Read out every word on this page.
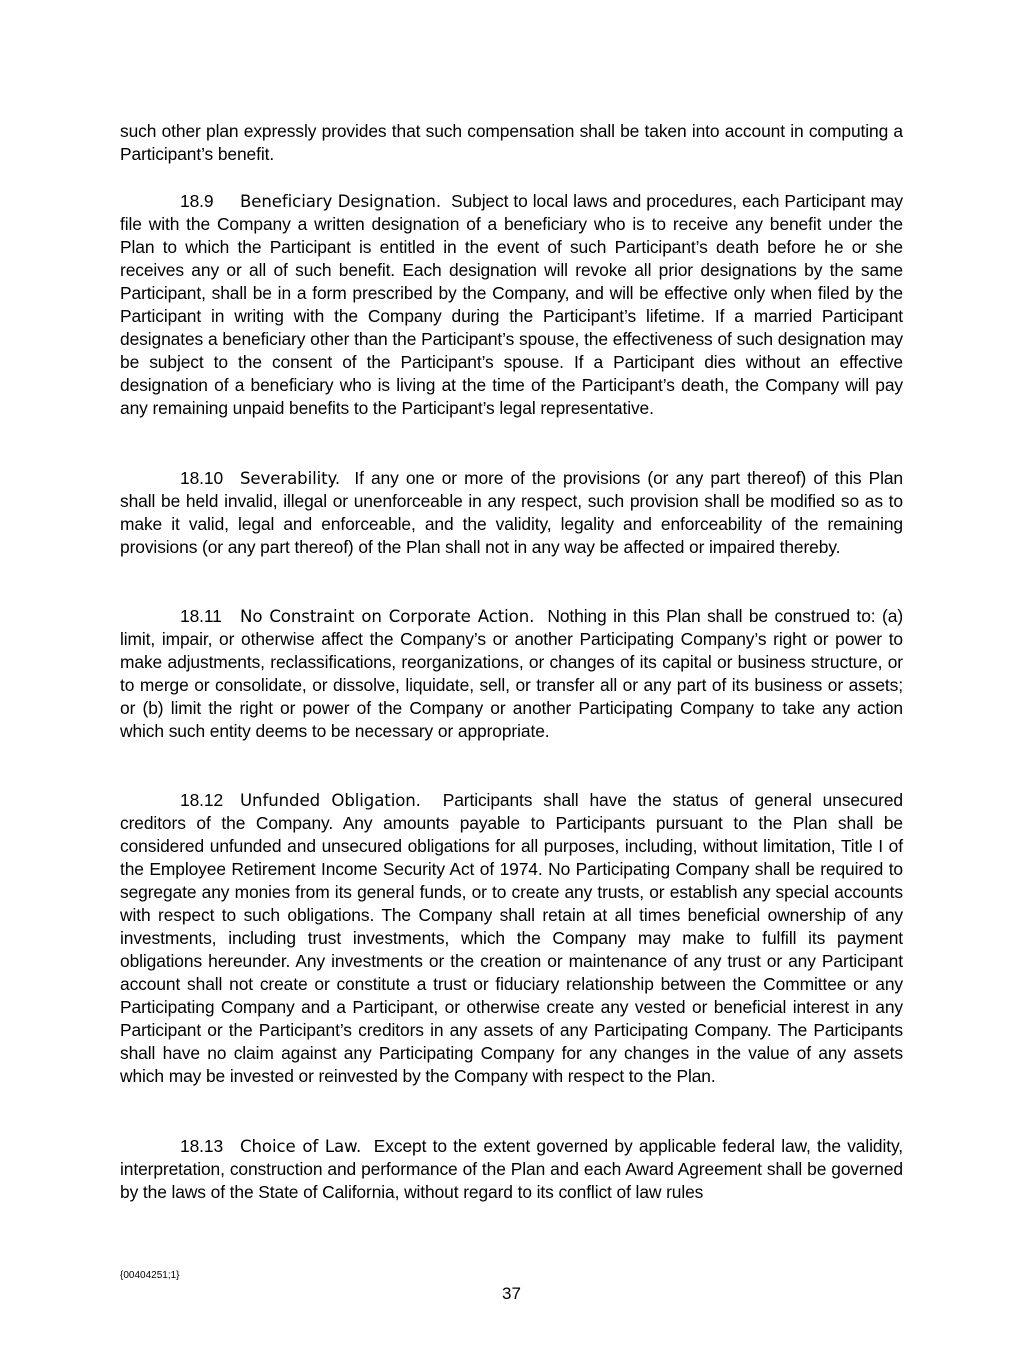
such other plan expressly provides that such compensation shall be taken into account in computing a Participant’s benefit.

18.9 Beneficiary Designation. Subject to local laws and procedures, each Participant may file with the Company a written designation of a beneficiary who is to receive any benefit under the Plan to which the Participant is entitled in the event of such Participant’s death before he or she receives any or all of such benefit. Each designation will revoke all prior designations by the same Participant, shall be in a form prescribed by the Company, and will be effective only when filed by the Participant in writing with the Company during the Participant’s lifetime. If a married Participant designates a beneficiary other than the Participant’s spouse, the effectiveness of such designation may be subject to the consent of the Participant’s spouse. If a Participant dies without an effective designation of a beneficiary who is living at the time of the Participant’s death, the Company will pay any remaining unpaid benefits to the Participant’s legal representative.

18.10 Severability. If any one or more of the provisions (or any part thereof) of this Plan shall be held invalid, illegal or unenforceable in any respect, such provision shall be modified so as to make it valid, legal and enforceable, and the validity, legality and enforceability of the remaining provisions (or any part thereof) of the Plan shall not in any way be affected or impaired thereby.

18.11 No Constraint on Corporate Action. Nothing in this Plan shall be construed to: (a) limit, impair, or otherwise affect the Company’s or another Participating Company’s right or power to make adjustments, reclassifications, reorganizations, or changes of its capital or business structure, or to merge or consolidate, or dissolve, liquidate, sell, or transfer all or any part of its business or assets; or (b) limit the right or power of the Company or another Participating Company to take any action which such entity deems to be necessary or appropriate.

18.12 Unfunded Obligation. Participants shall have the status of general unsecured creditors of the Company. Any amounts payable to Participants pursuant to the Plan shall be considered unfunded and unsecured obligations for all purposes, including, without limitation, Title I of the Employee Retirement Income Security Act of 1974. No Participating Company shall be required to segregate any monies from its general funds, or to create any trusts, or establish any special accounts with respect to such obligations. The Company shall retain at all times beneficial ownership of any investments, including trust investments, which the Company may make to fulfill its payment obligations hereunder. Any investments or the creation or maintenance of any trust or any Participant account shall not create or constitute a trust or fiduciary relationship between the Committee or any Participating Company and a Participant, or otherwise create any vested or beneficial interest in any Participant or the Participant’s creditors in any assets of any Participating Company. The Participants shall have no claim against any Participating Company for any changes in the value of any assets which may be invested or reinvested by the Company with respect to the Plan.

18.13 Choice of Law. Except to the extent governed by applicable federal law, the validity, interpretation, construction and performance of the Plan and each Award Agreement shall be governed by the laws of the State of California, without regard to its conflict of law rules

{00404251;1}
37
